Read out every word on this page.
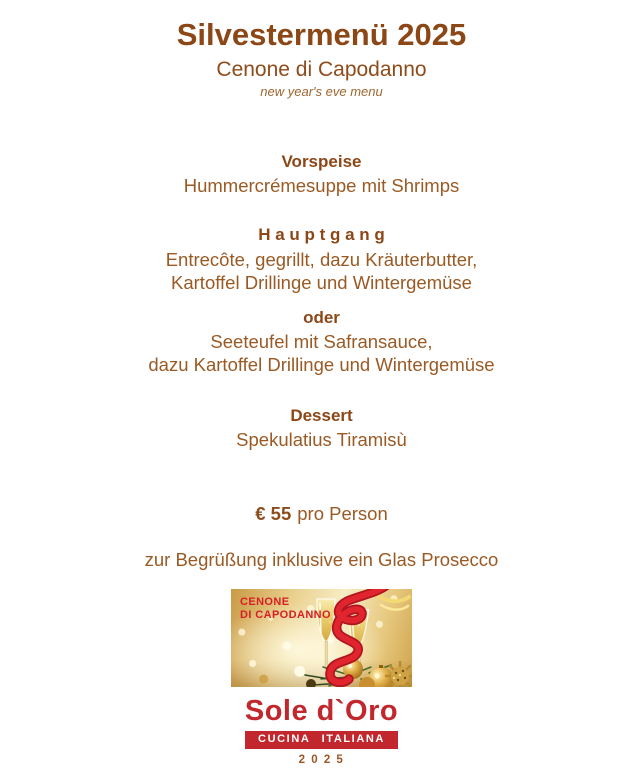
Silvestermenü 2025
Cenone di Capodanno
new year's eve menu
Vorspeise
Hummercrémesuppe mit Shrimps
H a u p t g a n g
Entrecôte, gegrillt, dazu Kräuterbutter,
Kartoffel Drillinge und Wintergemüse
oder
Seeteufel mit Safransauce,
dazu Kartoffel Drillinge und Wintergemüse
Dessert
Spekulatius Tiramisù
€ 55 pro Person
zur Begrüßung inklusive ein Glas Prosecco
CENONE
DI CAPODANNO
Sole d`Oro
CUCINA ITALIANA
2 0 2 5
